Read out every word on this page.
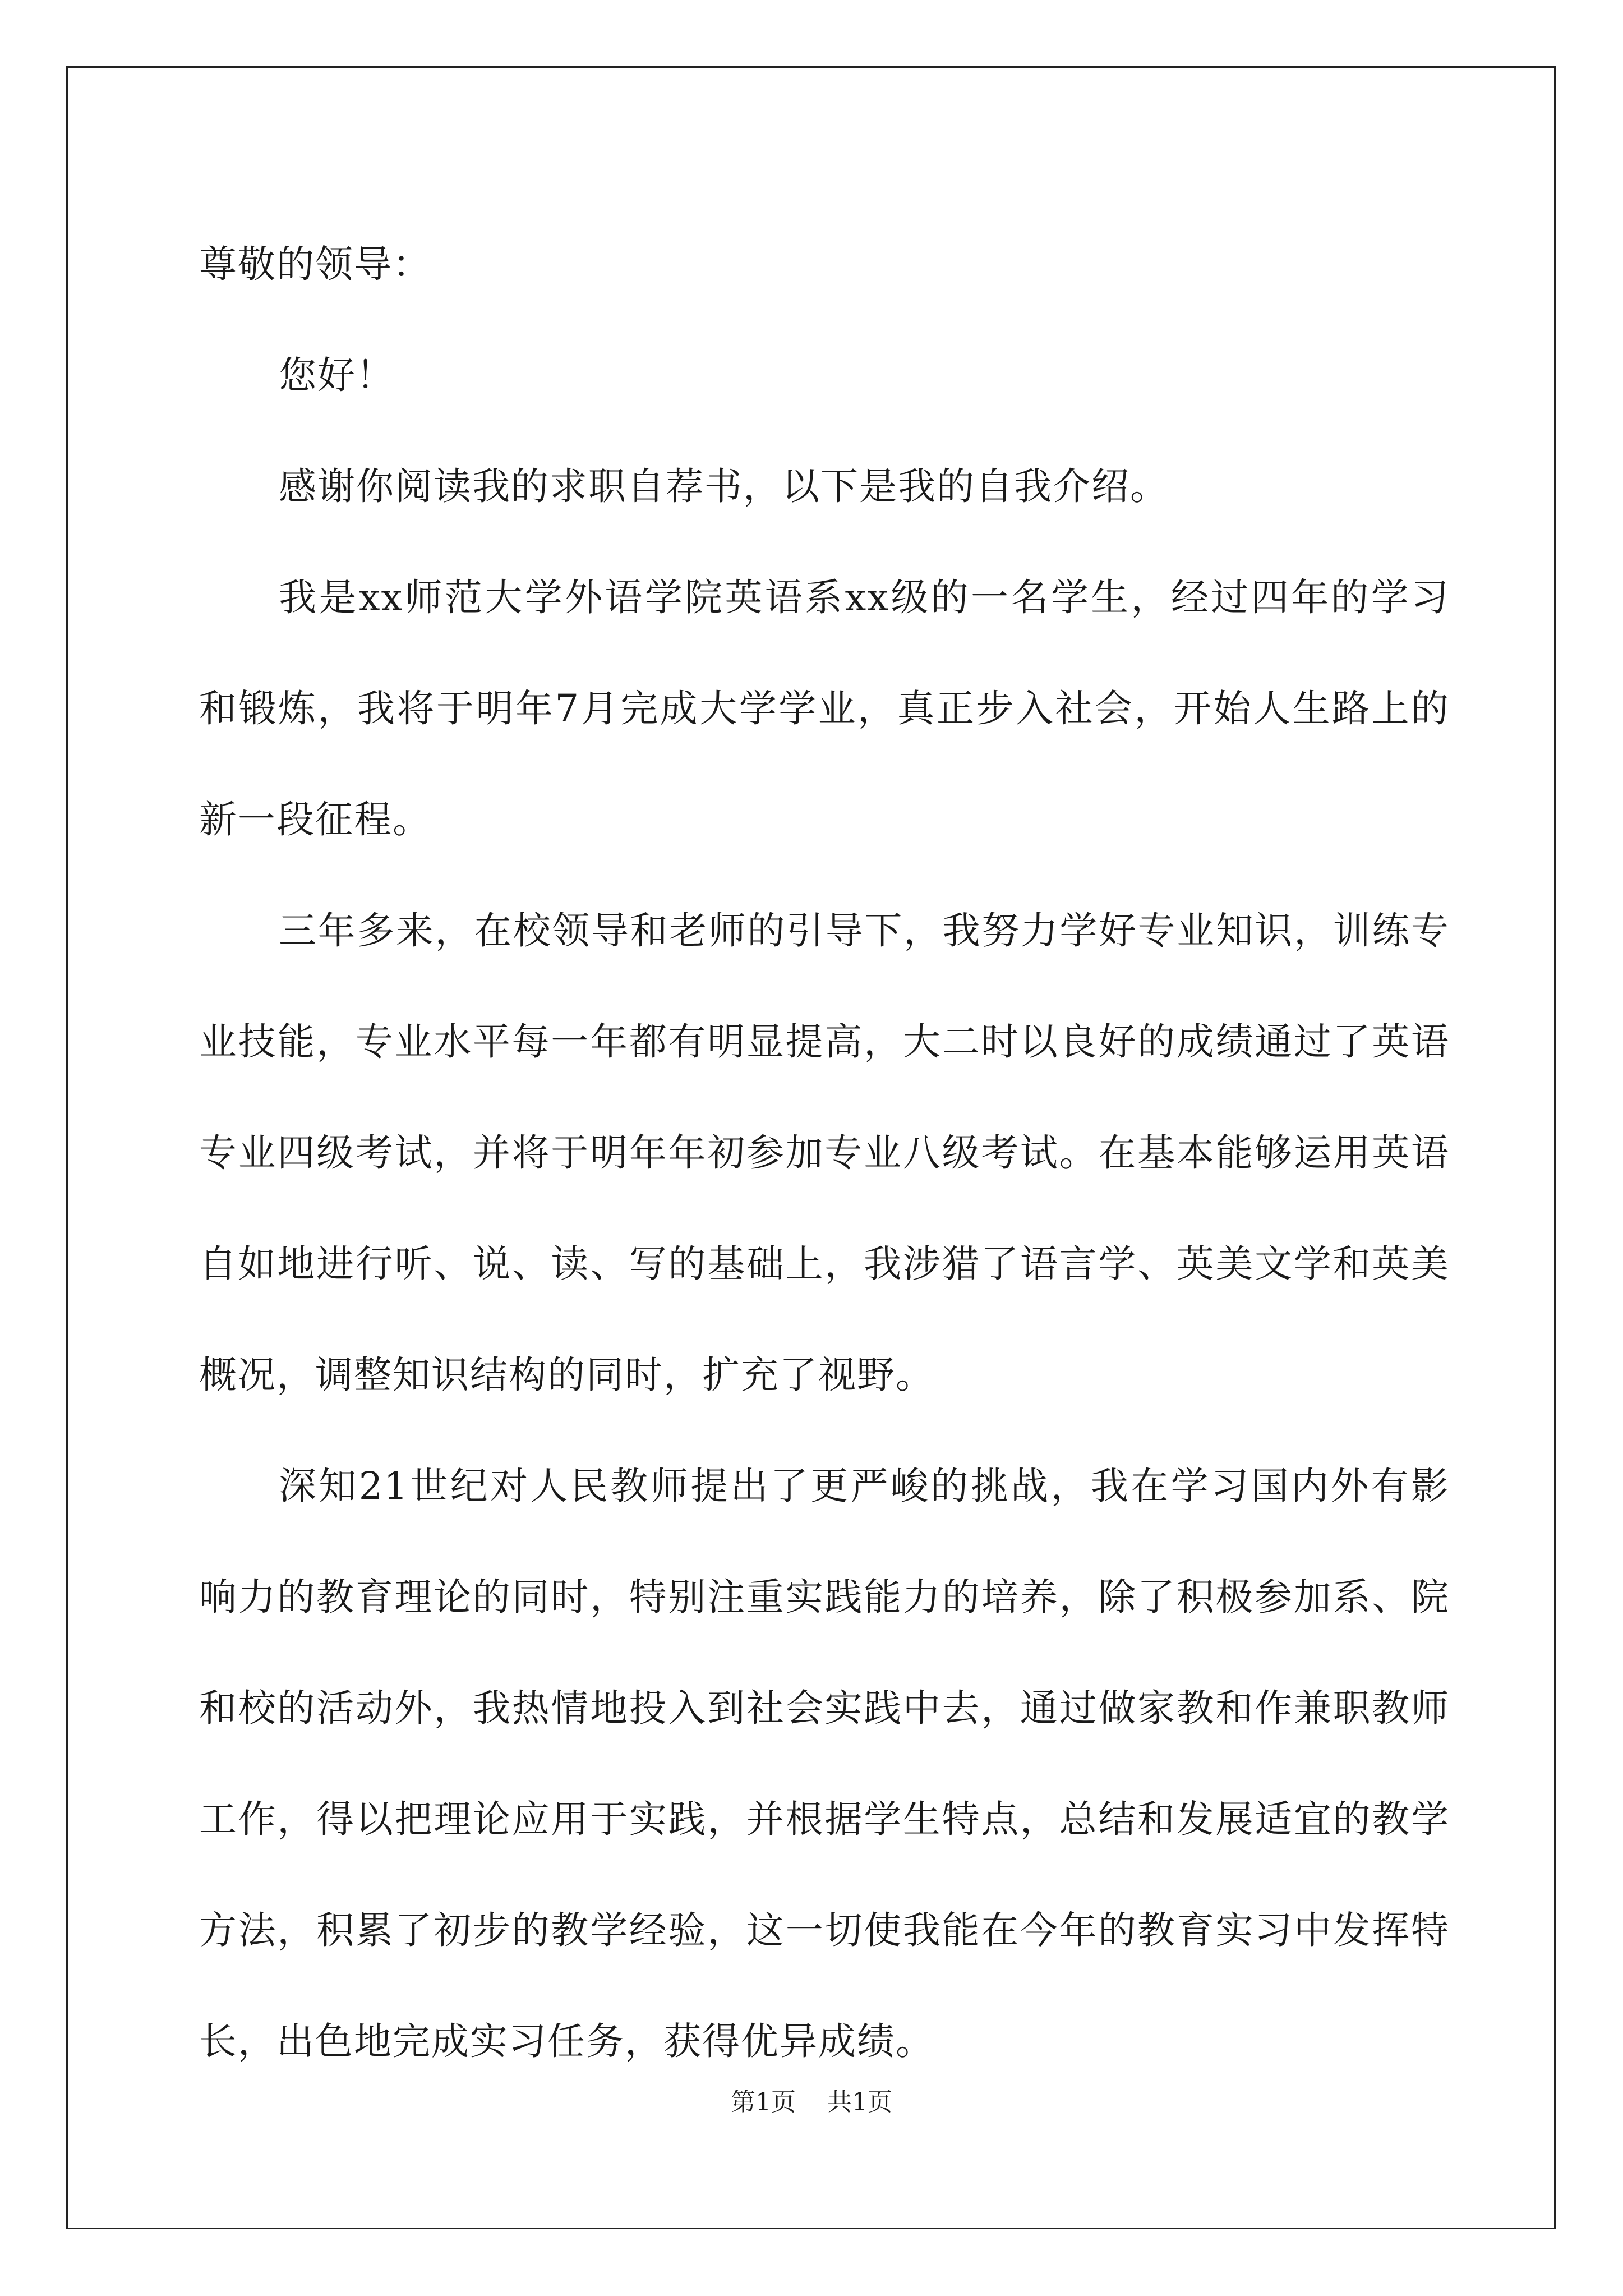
尊敬的领导：

您好！

感谢你阅读我的求职自荐书，以下是我的自我介绍。

我是xx师范大学外语学院英语系xx级的一名学生，经过四年的学习和锻炼，我将于明年7月完成大学学业，真正步入社会，开始人生路上的新一段征程。

三年多来，在校领导和老师的引导下，我努力学好专业知识，训练专业技能，专业水平每一年都有明显提高，大二时以良好的成绩通过了英语专业四级考试，并将于明年年初参加专业八级考试。在基本能够运用英语自如地进行听、说、读、写的基础上，我涉猎了语言学、英美文学和英美概况，调整知识结构的同时，扩充了视野。

深知21世纪对人民教师提出了更严峻的挑战，我在学习国内外有影响力的教育理论的同时，特别注重实践能力的培养，除了积极参加系、院和校的活动外，我热情地投入到社会实践中去，通过做家教和作兼职教师工作，得以把理论应用于实践，并根据学生特点，总结和发展适宜的教学方法，积累了初步的教学经验，这一切使我能在今年的教育实习中发挥特长，出色地完成实习任务，获得优异成绩。

第1页 共1页
